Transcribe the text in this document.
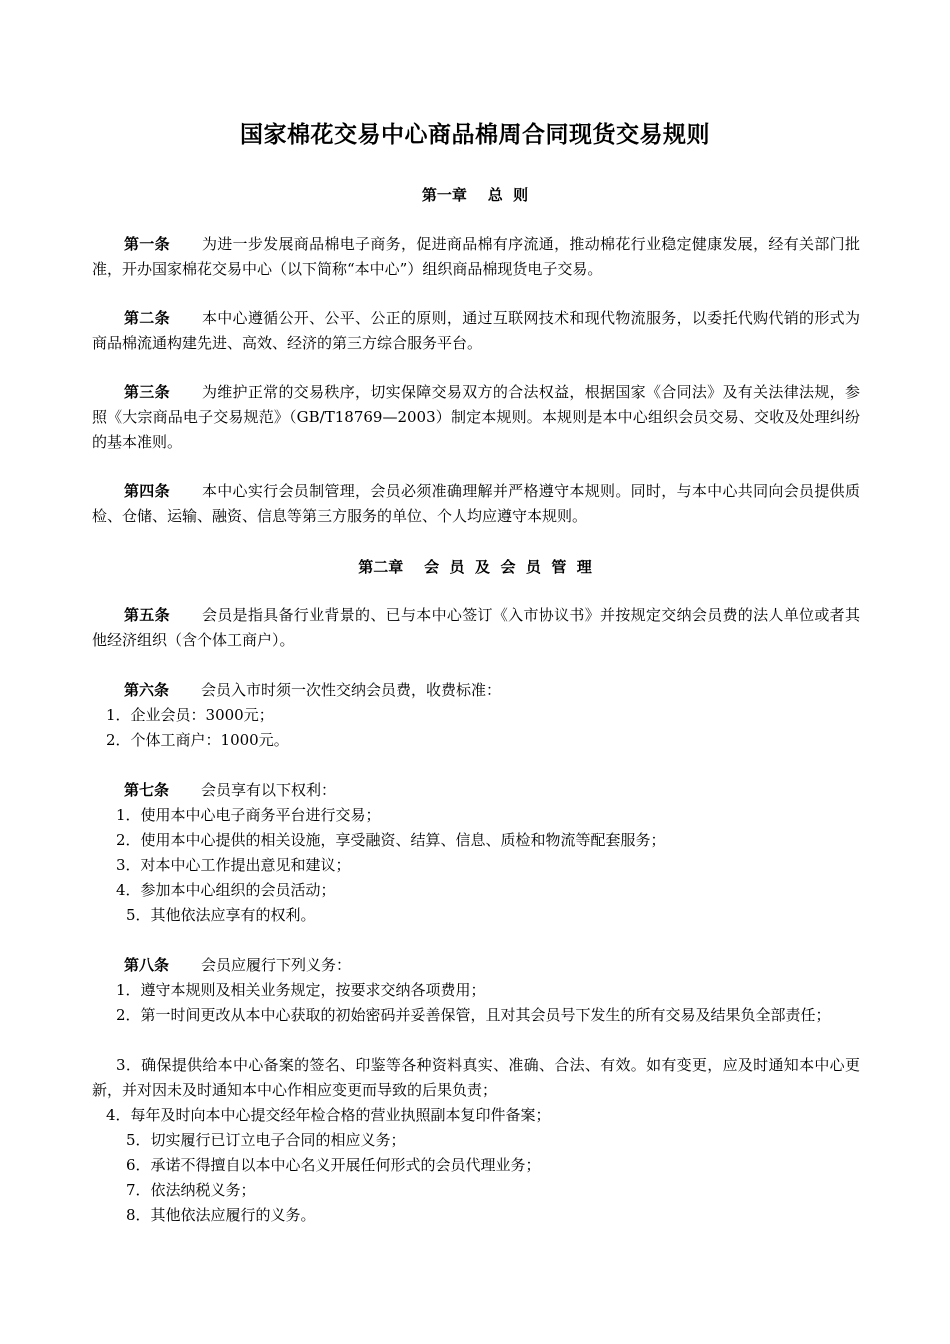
国家棉花交易中心商品棉周合同现货交易规则
第一章    总  则
第一条 为进一步发展商品棉电子商务，促进商品棉有序流通，推动棉花行业稳定健康发展，经有关部门批准，开办国家棉花交易中心（以下简称“本中心”）组织商品棉现货电子交易。
第二条 本中心遵循公开、公平、公正的原则，通过互联网技术和现代物流服务，以委托代购代销的形式为商品棉流通构建先进、高效、经济的第三方综合服务平台。
第三条 为维护正常的交易秩序，切实保障交易双方的合法权益，根据国家《合同法》及有关法律法规，参照《大宗商品电子交易规范》（GB/T18769—2003）制定本规则。本规则是本中心组织会员交易、交收及处理纠纷的基本准则。
第四条 本中心实行会员制管理，会员必须准确理解并严格遵守本规则。同时，与本中心共同向会员提供质检、仓储、运输、融资、信息等第三方服务的单位、个人均应遵守本规则。
第二章    会  员  及  会  员  管  理
第五条 会员是指具备行业背景的、已与本中心签订《入市协议书》并按规定交纳会员费的法人单位或者其他经济组织（含个体工商户）。
第六条 会员入市时须一次性交纳会员费，收费标准：
1．企业会员：3000元；
2．个体工商户：1000元。
第七条 会员享有以下权利：
1．使用本中心电子商务平台进行交易；
2．使用本中心提供的相关设施，享受融资、结算、信息、质检和物流等配套服务；
3．对本中心工作提出意见和建议；
4．参加本中心组织的会员活动；
5．其他依法应享有的权利。
第八条 会员应履行下列义务：
1．遵守本规则及相关业务规定，按要求交纳各项费用；
2．第一时间更改从本中心获取的初始密码并妥善保管，且对其会员号下发生的所有交易及结果负全部责任；
3．确保提供给本中心备案的签名、印鉴等各种资料真实、准确、合法、有效。如有变更，应及时通知本中心更新，并对因未及时通知本中心作相应变更而导致的后果负责；
4．每年及时向本中心提交经年检合格的营业执照副本复印件备案；
5．切实履行已订立电子合同的相应义务；
6．承诺不得擅自以本中心名义开展任何形式的会员代理业务；
7．依法纳税义务；
8．其他依法应履行的义务。
